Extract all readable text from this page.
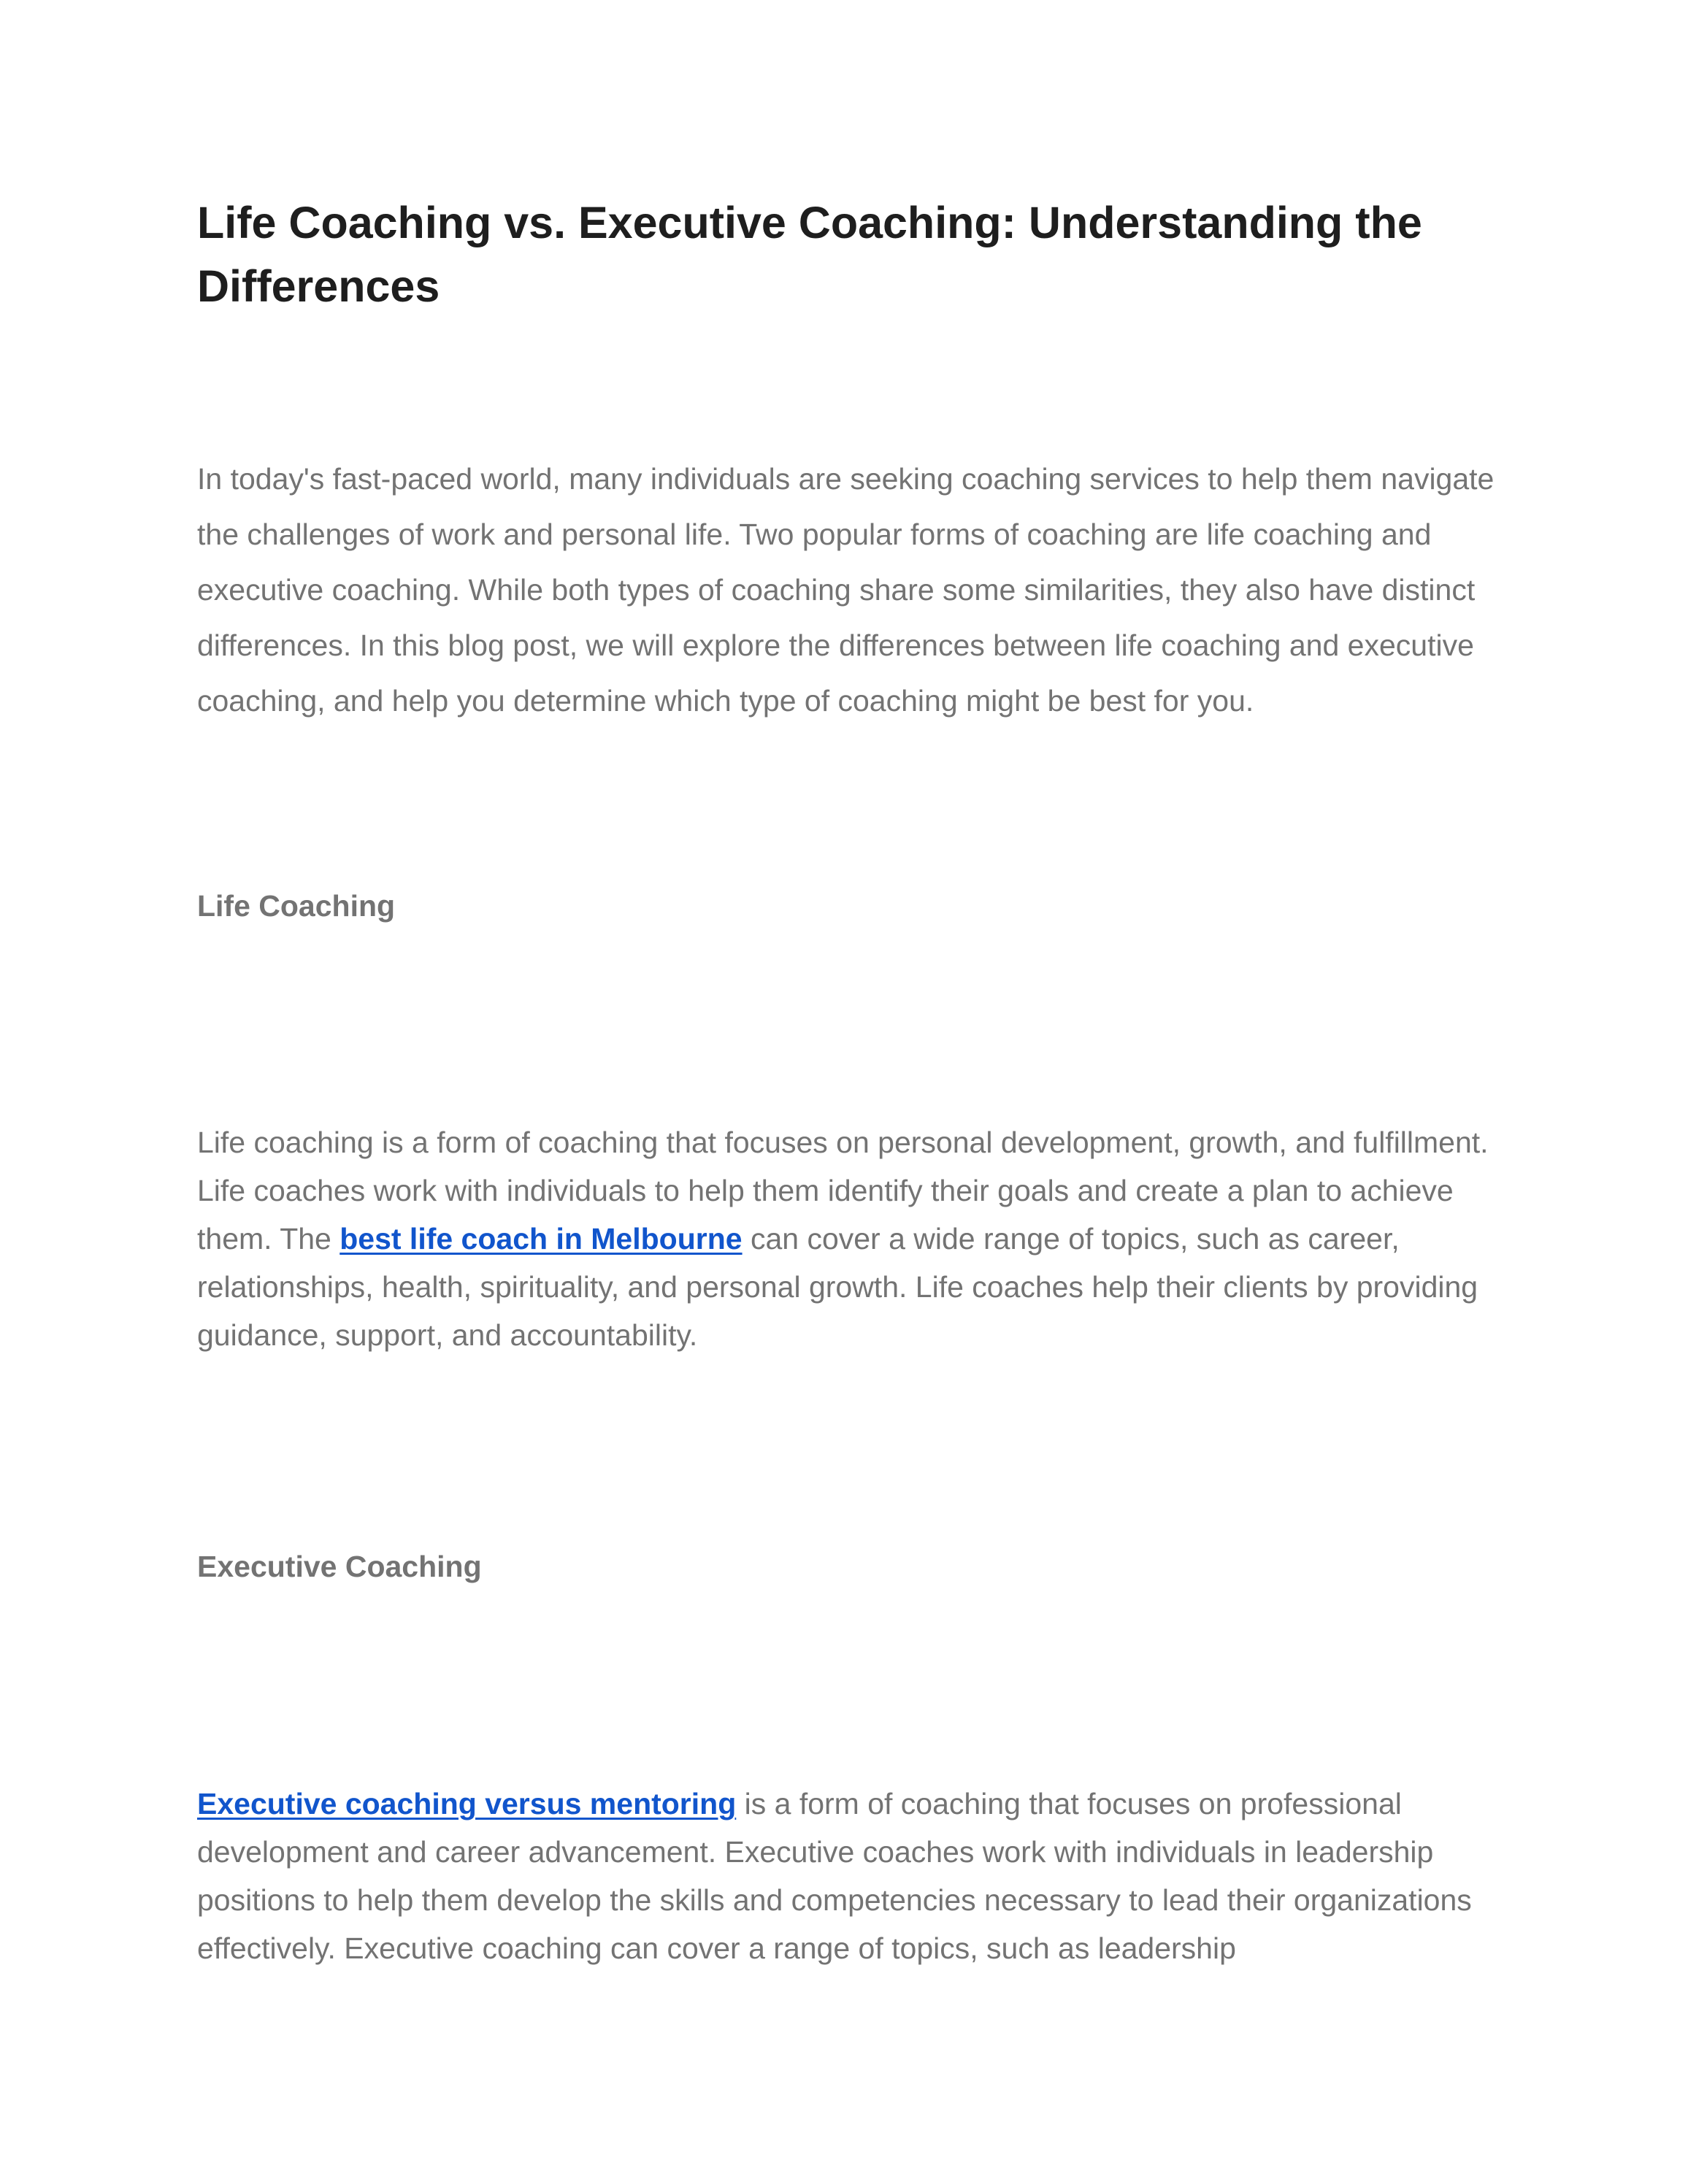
Life Coaching vs. Executive Coaching: Understanding the Differences

In today's fast-paced world, many individuals are seeking coaching services to help them navigate the challenges of work and personal life. Two popular forms of coaching are life coaching and executive coaching. While both types of coaching share some similarities, they also have distinct differences. In this blog post, we will explore the differences between life coaching and executive coaching, and help you determine which type of coaching might be best for you.

Life Coaching

Life coaching is a form of coaching that focuses on personal development, growth, and fulfillment. Life coaches work with individuals to help them identify their goals and create a plan to achieve them. The best life coach in Melbourne can cover a wide range of topics, such as career, relationships, health, spirituality, and personal growth. Life coaches help their clients by providing guidance, support, and accountability.

Executive Coaching

Executive coaching versus mentoring is a form of coaching that focuses on professional development and career advancement. Executive coaches work with individuals in leadership positions to help them develop the skills and competencies necessary to lead their organizations effectively. Executive coaching can cover a range of topics, such as leadership
